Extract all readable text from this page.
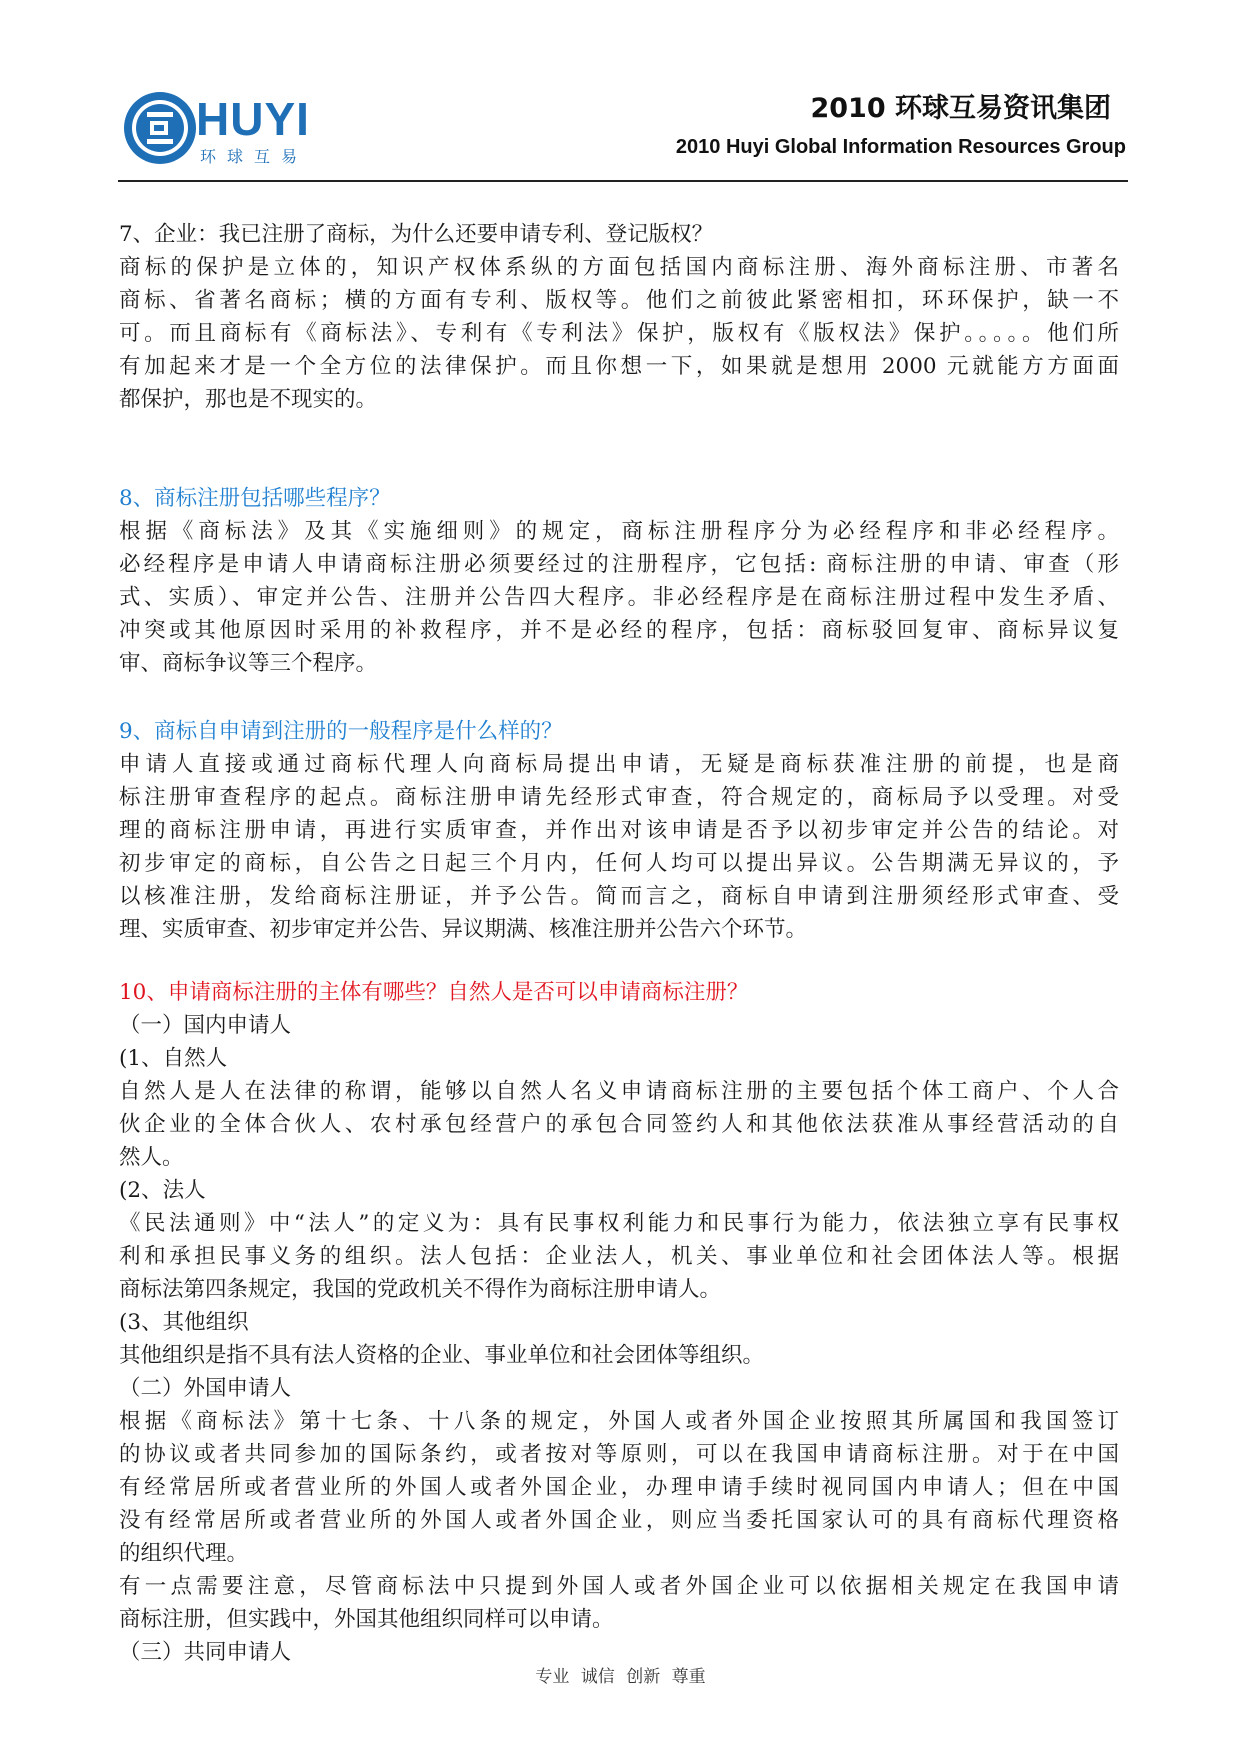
HUYI
环球互易
2010 环球互易资讯集团
2010 Huyi Global Information Resources Group
7、企业：我已注册了商标，为什么还要申请专利、登记版权？
商标的保护是立体的，知识产权体系纵的方面包括国内商标注册、海外商标注册、市著名
商标、省著名商标；横的方面有专利、版权等。他们之前彼此紧密相扣，环环保护，缺一不
可。而且商标有《商标法》、专利有《专利法》保护，版权有《版权法》保护。。。。。他们所
有加起来才是一个全方位的法律保护。而且你想一下，如果就是想用 2000 元就能方方面面
都保护，那也是不现实的。
8、商标注册包括哪些程序？
根据《商标法》及其《实施细则》的规定，商标注册程序分为必经程序和非必经程序。
必经程序是申请人申请商标注册必须要经过的注册程序，它包括: 商标注册的申请、审查（形
式、实质）、审定并公告、注册并公告四大程序。非必经程序是在商标注册过程中发生矛盾、
冲突或其他原因时采用的补救程序，并不是必经的程序，包括：商标驳回复审、商标异议复
审、商标争议等三个程序。
9、商标自申请到注册的一般程序是什么样的？
申请人直接或通过商标代理人向商标局提出申请，无疑是商标获准注册的前提，也是商
标注册审查程序的起点。商标注册申请先经形式审查，符合规定的，商标局予以受理。对受
理的商标注册申请，再进行实质审查，并作出对该申请是否予以初步审定并公告的结论。对
初步审定的商标，自公告之日起三个月内，任何人均可以提出异议。公告期满无异议的，予
以核准注册，发给商标注册证，并予公告。简而言之，商标自申请到注册须经形式审查、受
理、实质审查、初步审定并公告、异议期满、核准注册并公告六个环节。
10、申请商标注册的主体有哪些？自然人是否可以申请商标注册？
（一）国内申请人
(1、自然人
自然人是人在法律的称谓，能够以自然人名义申请商标注册的主要包括个体工商户、个人合
伙企业的全体合伙人、农村承包经营户的承包合同签约人和其他依法获准从事经营活动的自
然人。
(2、法人
《民法通则》中“法人”的定义为：具有民事权利能力和民事行为能力，依法独立享有民事权
利和承担民事义务的组织。法人包括：企业法人，机关、事业单位和社会团体法人等。根据
商标法第四条规定，我国的党政机关不得作为商标注册申请人。
(3、其他组织
其他组织是指不具有法人资格的企业、事业单位和社会团体等组织。
（二）外国申请人
根据《商标法》第十七条、十八条的规定，外国人或者外国企业按照其所属国和我国签订
的协议或者共同参加的国际条约，或者按对等原则，可以在我国申请商标注册。对于在中国
有经常居所或者营业所的外国人或者外国企业，办理申请手续时视同国内申请人；但在中国
没有经常居所或者营业所的外国人或者外国企业，则应当委托国家认可的具有商标代理资格
的组织代理。
有一点需要注意，尽管商标法中只提到外国人或者外国企业可以依据相关规定在我国申请
商标注册，但实践中，外国其他组织同样可以申请。
（三）共同申请人
专业 诚信 创新 尊重
